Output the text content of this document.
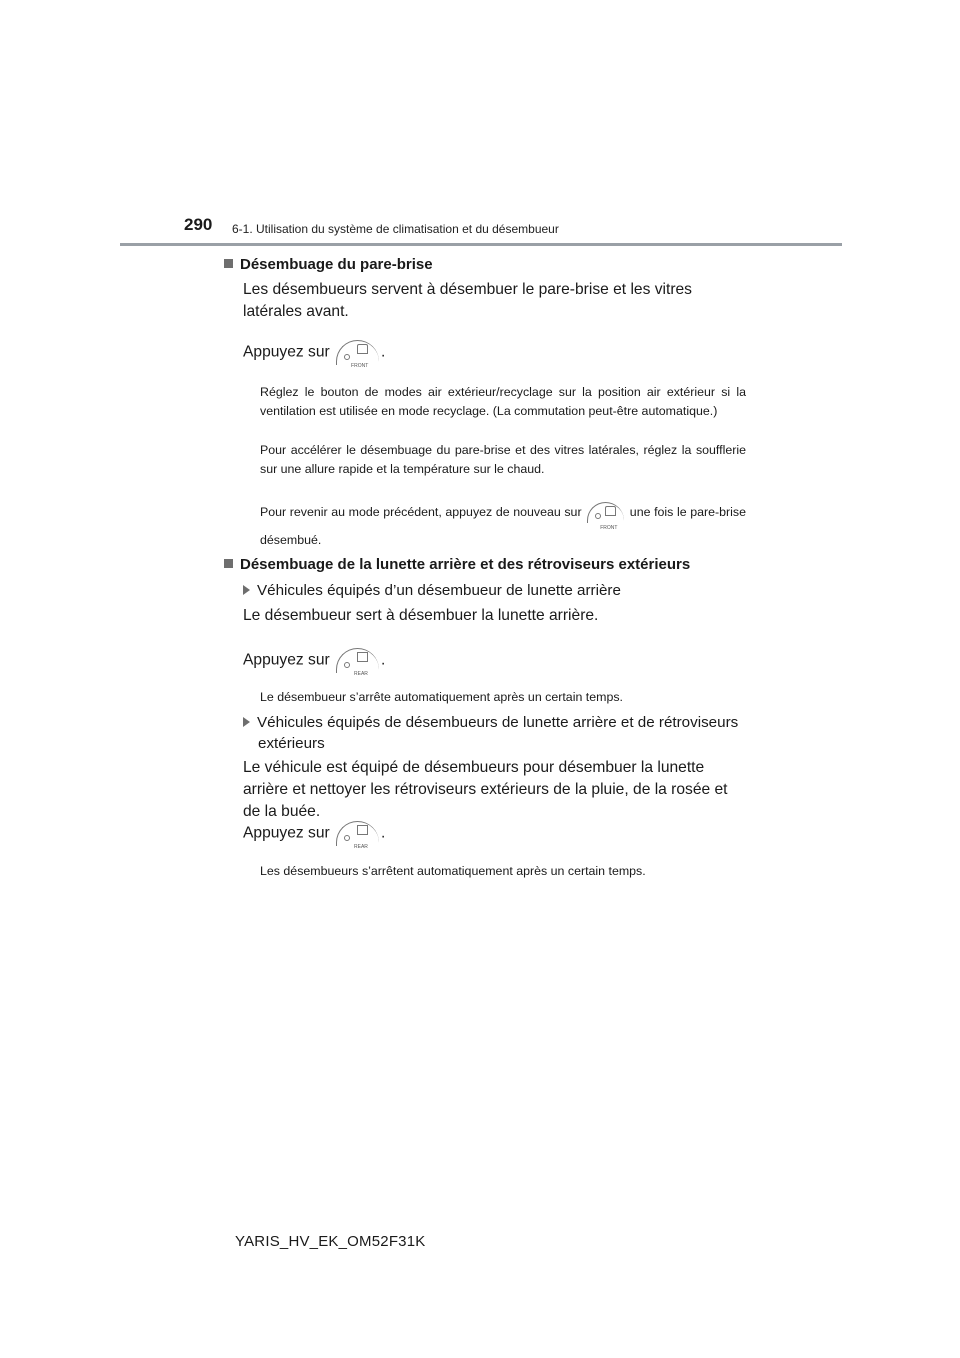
290 6-1. Utilisation du système de climatisation et du désembueur
Désembuage du pare-brise
Les désembueurs servent à désembuer le pare-brise et les vitres latérales avant.
Appuyez sur
FRONT
.
Réglez le bouton de modes air extérieur/recyclage sur la position air extérieur si la ventilation est utilisée en mode recyclage. (La commutation peut-être automatique.)
Pour accélérer le désembuage du pare-brise et des vitres latérales, réglez la soufflerie sur une allure rapide et la température sur le chaud.
Pour revenir au mode précédent, appuyez de nouveau sur
FRONT
une fois le pare-brise désembué.
Désembuage de la lunette arrière et des rétroviseurs extérieurs
Véhicules équipés d’un désembueur de lunette arrière
Le désembueur sert à désembuer la lunette arrière.
Appuyez sur
REAR
.
Le désembueur s’arrête automatiquement après un certain temps.
Véhicules équipés de désembueurs de lunette arrière et de rétroviseurs
extérieurs
Le véhicule est équipé de désembueurs pour désembuer la lunette arrière et nettoyer les rétroviseurs extérieurs de la pluie, de la rosée et de la buée.
Appuyez sur
REAR
.
Les désembueurs s’arrêtent automatiquement après un certain temps.
YARIS_HV_EK_OM52F31K
